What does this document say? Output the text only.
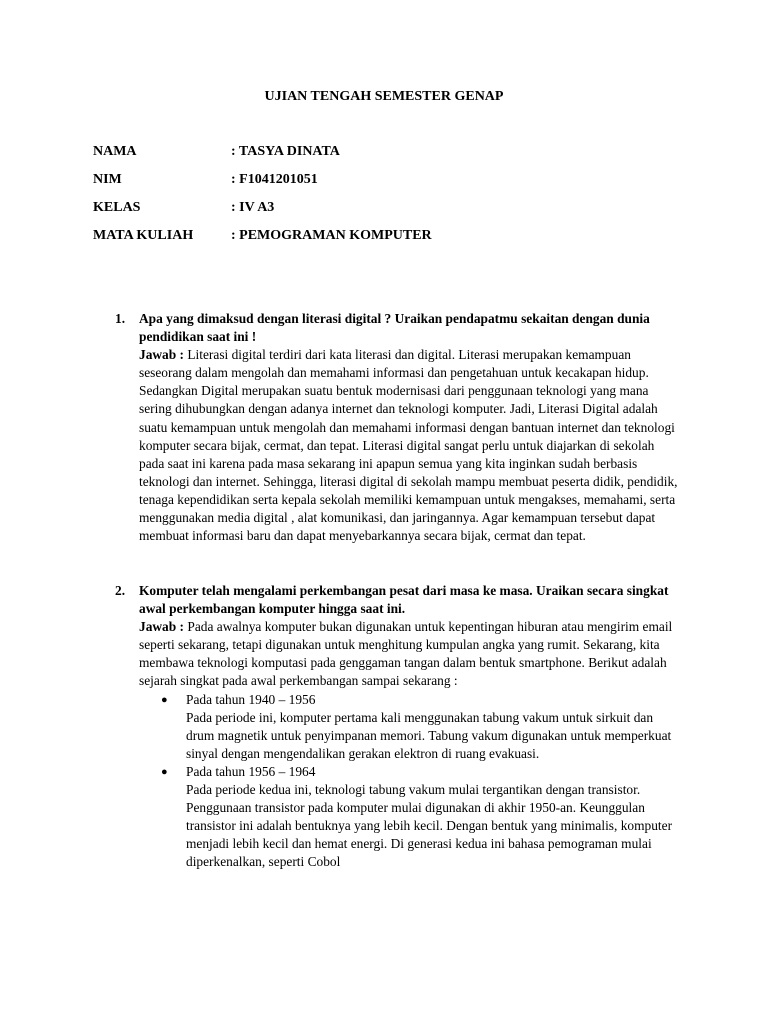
UJIAN TENGAH SEMESTER GENAP
NAMA	: TASYA DINATA
NIM	: F1041201051
KELAS	: IV A3
MATA KULIAH	: PEMOGRAMAN KOMPUTER
1. Apa yang dimaksud dengan literasi digital ? Uraikan pendapatmu sekaitan dengan dunia pendidikan saat ini !

Jawab : Literasi digital terdiri dari kata literasi dan digital. Literasi merupakan kemampuan seseorang dalam mengolah dan memahami informasi dan pengetahuan untuk kecakapan hidup. Sedangkan Digital merupakan suatu bentuk modernisasi dari penggunaan teknologi yang mana sering dihubungkan dengan adanya internet dan teknologi komputer. Jadi, Literasi Digital adalah suatu kemampuan untuk mengolah dan memahami informasi dengan bantuan internet dan teknologi komputer secara bijak, cermat, dan tepat. Literasi digital sangat perlu untuk diajarkan di sekolah pada saat ini karena pada masa sekarang ini apapun semua yang kita inginkan sudah berbasis teknologi dan internet. Sehingga, literasi digital di sekolah mampu membuat peserta didik, pendidik, tenaga kependidikan serta kepala sekolah memiliki kemampuan untuk mengakses, memahami, serta menggunakan media digital , alat komunikasi, dan jaringannya. Agar kemampuan tersebut dapat membuat informasi baru dan dapat menyebarkannya secara bijak, cermat dan tepat.

2. Komputer telah mengalami perkembangan pesat dari masa ke masa. Uraikan secara singkat awal perkembangan komputer hingga saat ini.

Jawab : Pada awalnya komputer bukan digunakan untuk kepentingan hiburan atau mengirim email seperti sekarang, tetapi digunakan untuk menghitung kumpulan angka yang rumit. Sekarang, kita membawa teknologi komputasi pada genggaman tangan dalam bentuk smartphone. Berikut adalah sejarah singkat pada awal perkembangan sampai sekarang :

● Pada tahun 1940 – 1956
Pada periode ini, komputer pertama kali menggunakan tabung vakum untuk sirkuit dan drum magnetik untuk penyimpanan memori. Tabung vakum digunakan untuk memperkuat sinyal dengan mengendalikan gerakan elektron di ruang evakuasi.
● Pada tahun 1956 – 1964
Pada periode kedua ini, teknologi tabung vakum mulai tergantikan dengan transistor. Penggunaan transistor pada komputer mulai digunakan di akhir 1950-an. Keunggulan transistor ini adalah bentuknya yang lebih kecil. Dengan bentuk yang minimalis, komputer menjadi lebih kecil dan hemat energi. Di generasi kedua ini bahasa pemograman mulai diperkenalkan, seperti Cobol
